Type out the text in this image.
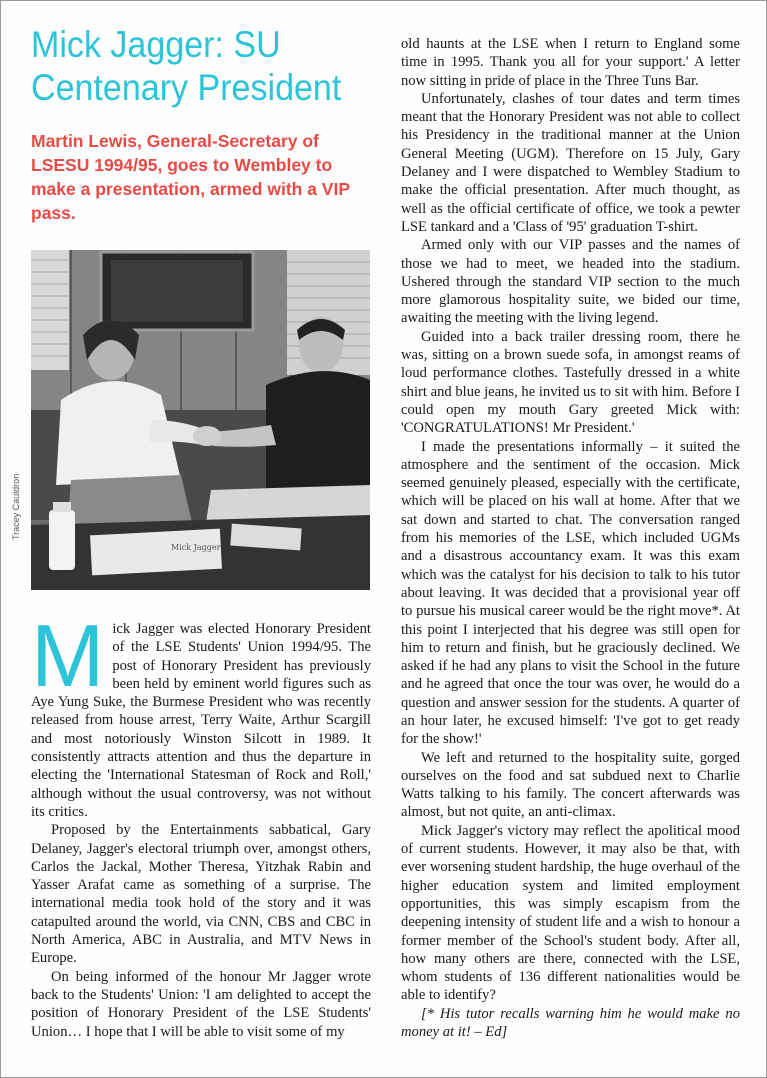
Mick Jagger: SU Centenary President
Martin Lewis, General-Secretary of LSESU 1994/95, goes to Wembley to make a presentation, armed with a VIP pass.
Mick Jagger
Tracey Cauldron

Mick Jagger was elected Honorary President of the LSE Students' Union 1994/95. The post of Honorary President has previously been held by eminent world figures such as Aye Yung Suke, the Burmese President who was recently released from house arrest, Terry Waite, Arthur Scargill and most notoriously Winston Silcott in 1989. It consistently attracts attention and thus the departure in electing the 'International Statesman of Rock and Roll,' although without the usual controversy, was not without its critics.

Proposed by the Entertainments sabbatical, Gary Delaney, Jagger's electoral triumph over, amongst others, Carlos the Jackal, Mother Theresa, Yitzhak Rabin and Yasser Arafat came as something of a surprise. The international media took hold of the story and it was catapulted around the world, via CNN, CBS and CBC in North America, ABC in Australia, and MTV News in Europe.

On being informed of the honour Mr Jagger wrote back to the Students' Union: 'I am delighted to accept the position of Honorary President of the LSE Students' Union… I hope that I will be able to visit some of my

old haunts at the LSE when I return to England some time in 1995. Thank you all for your support.' A letter now sitting in pride of place in the Three Tuns Bar.

Unfortunately, clashes of tour dates and term times meant that the Honorary President was not able to collect his Presidency in the traditional manner at the Union General Meeting (UGM). Therefore on 15 July, Gary Delaney and I were dispatched to Wembley Stadium to make the official presentation. After much thought, as well as the official certificate of office, we took a pewter LSE tankard and a 'Class of '95' graduation T-shirt.

Armed only with our VIP passes and the names of those we had to meet, we headed into the stadium. Ushered through the standard VIP section to the much more glamorous hospitality suite, we bided our time, awaiting the meeting with the living legend.

Guided into a back trailer dressing room, there he was, sitting on a brown suede sofa, in amongst reams of loud performance clothes. Tastefully dressed in a white shirt and blue jeans, he invited us to sit with him. Before I could open my mouth Gary greeted Mick with: 'CONGRATULATIONS! Mr President.'

I made the presentations informally – it suited the atmosphere and the sentiment of the occasion. Mick seemed genuinely pleased, especially with the certificate, which will be placed on his wall at home. After that we sat down and started to chat. The conversation ranged from his memories of the LSE, which included UGMs and a disastrous accountancy exam. It was this exam which was the catalyst for his decision to talk to his tutor about leaving. It was decided that a provisional year off to pursue his musical career would be the right move*. At this point I interjected that his degree was still open for him to return and finish, but he graciously declined. We asked if he had any plans to visit the School in the future and he agreed that once the tour was over, he would do a question and answer session for the students. A quarter of an hour later, he excused himself: 'I've got to get ready for the show!'

We left and returned to the hospitality suite, gorged ourselves on the food and sat subdued next to Charlie Watts talking to his family. The concert afterwards was almost, but not quite, an anti-climax.

Mick Jagger's victory may reflect the apolitical mood of current students. However, it may also be that, with ever worsening student hardship, the huge overhaul of the higher education system and limited employment opportunities, this was simply escapism from the deepening intensity of student life and a wish to honour a former member of the School's student body. After all, how many others are there, connected with the LSE, whom students of 136 different nationalities would be able to identify?

[* His tutor recalls warning him he would make no money at it! – Ed]
